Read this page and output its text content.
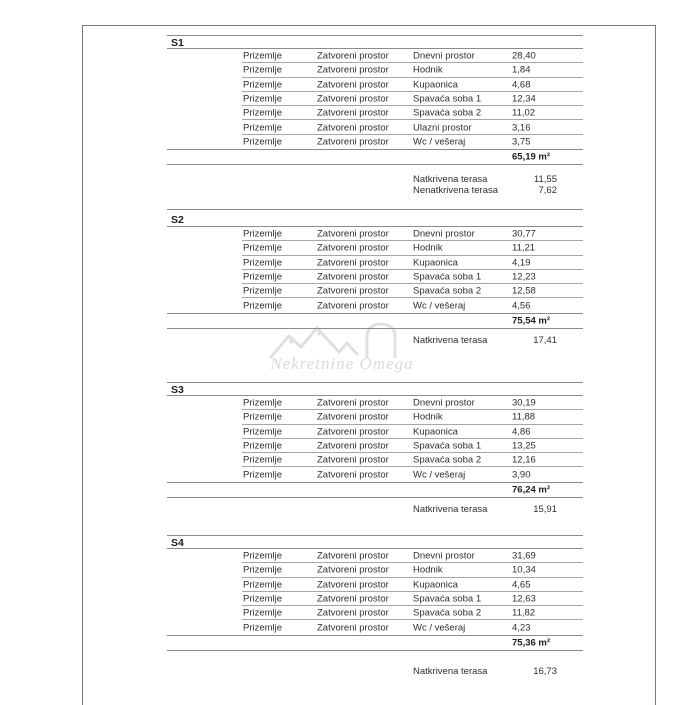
Nekretnine Omega
S1
Prizemlje	Zatvoreni prostor	Dnevni prostor	28,40
Prizemlje	Zatvoreni prostor	Hodnik	1,84
Prizemlje	Zatvoreni prostor	Kupaonica	4,68
Prizemlje	Zatvoreni prostor	Spavaća soba 1	12,34
Prizemlje	Zatvoreni prostor	Spavaća soba 2	11,02
Prizemlje	Zatvoreni prostor	Ulazni prostor	3,16
Prizemlje	Zatvoreni prostor	Wc / vešeraj	3,75
65,19 m²
Natkrivena terasa	11,55
Nenatkrivena terasa	7,62
S2
Prizemlje	Zatvoreni prostor	Dnevni prostor	30,77
Prizemlje	Zatvoreni prostor	Hodnik	11,21
Prizemlje	Zatvoreni prostor	Kupaonica	4,19
Prizemlje	Zatvoreni prostor	Spavaća soba 1	12,23
Prizemlje	Zatvoreni prostor	Spavaća soba 2	12,58
Prizemlje	Zatvoreni prostor	Wc / vešeraj	4,56
75,54 m²
Natkrivena terasa	17,41
S3
Prizemlje	Zatvoreni prostor	Dnevni prostor	30,19
Prizemlje	Zatvoreni prostor	Hodnik	11,88
Prizemlje	Zatvoreni prostor	Kupaonica	4,86
Prizemlje	Zatvoreni prostor	Spavaća soba 1	13,25
Prizemlje	Zatvoreni prostor	Spavaća soba 2	12,16
Prizemlje	Zatvoreni prostor	Wc / vešeraj	3,90
76,24 m²
Natkrivena terasa	15,91
S4
Prizemlje	Zatvoreni prostor	Dnevni prostor	31,69
Prizemlje	Zatvoreni prostor	Hodnik	10,34
Prizemlje	Zatvoreni prostor	Kupaonica	4,65
Prizemlje	Zatvoreni prostor	Spavaća soba 1	12,63
Prizemlje	Zatvoreni prostor	Spavaća soba 2	11,82
Prizemlje	Zatvoreni prostor	Wc / vešeraj	4,23
75,36 m²
Natkrivena terasa	16,73
